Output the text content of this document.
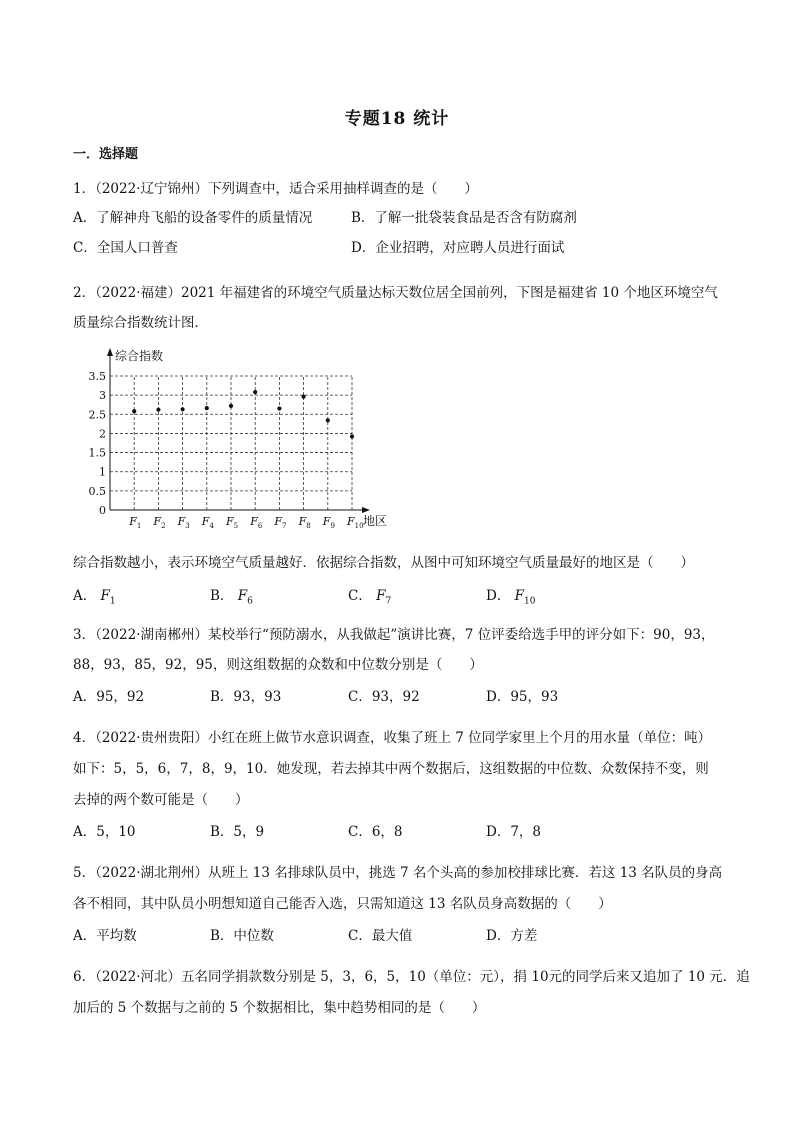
专题18 统计
一．选择题
1．（2022·辽宁锦州）下列调查中，适合采用抽样调查的是（　　）
A．了解神舟飞船的设备零件的质量情况	B．了解一批袋装食品是否含有防腐剂
C．全国人口普查	D．企业招聘，对应聘人员进行面试
2．（2022·福建）2021 年福建省的环境空气质量达标天数位居全国前列，下图是福建省 10 个地区环境空气
质量综合指数统计图．
0
0.5
1
1.5
2
2.5
3
3.5
$F_1$ $F_2$ $F_3$ $F_4$ $F_5$ $F_6$ $F_7$ $F_8$ $F_9$ $F_{10}$
综合指数
地区
综合指数越小，表示环境空气质量越好．依据综合指数，从图中可知环境空气质量最好的地区是（　　）
A． $F_1$	B． $F_6$	C． $F_7$	D． $F_{10}$
3．（2022·湖南郴州）某校举行“预防溺水，从我做起”演讲比赛，7 位评委给选手甲的评分如下：90，93，
88，93，85，92，95，则这组数据的众数和中位数分别是（　　）
A．95，92	B．93，93	C．93，92	D．95，93
4．（2022·贵州贵阳）小红在班上做节水意识调查，收集了班上 7 位同学家里上个月的用水量（单位：吨）
如下：5，5，6，7，8，9，10．她发现，若去掉其中两个数据后，这组数据的中位数、众数保持不变，则
去掉的两个数可能是（　　）
A．5，10	B．5，9	C．6，8	D．7，8
5．（2022·湖北荆州）从班上 13 名排球队员中，挑选 7 名个头高的参加校排球比赛．若这 13 名队员的身高
各不相同，其中队员小明想知道自己能否入选，只需知道这 13 名队员身高数据的（　　）
A．平均数	B．中位数	C．最大值	D．方差
6．（2022·河北）五名同学捐款数分别是 5，3，6，5，10（单位：元），捐 10元的同学后来又追加了 10 元．追
加后的 5 个数据与之前的 5 个数据相比，集中趋势相同的是（　　）
